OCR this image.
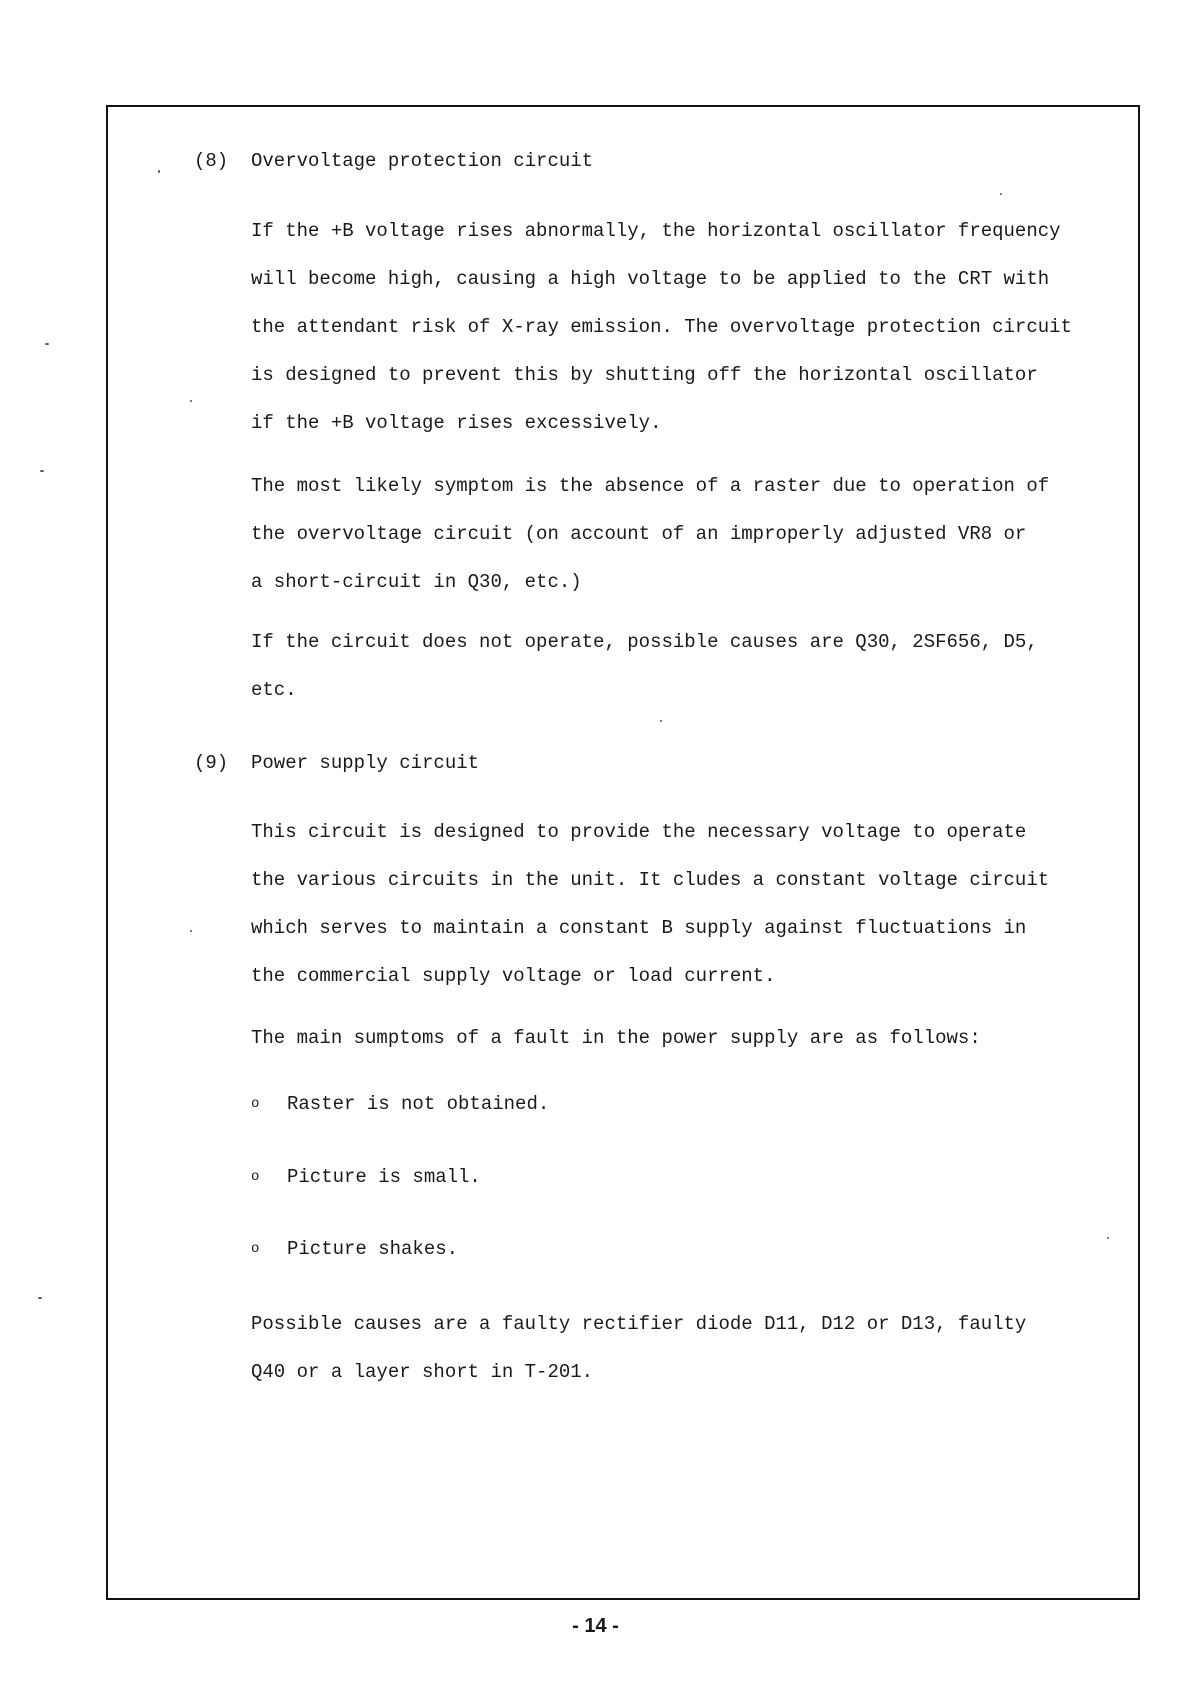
(8) Overvoltage protection circuit

If the +B voltage rises abnormally, the horizontal oscillator frequency
will become high, causing a high voltage to be applied to the CRT with
the attendant risk of X-ray emission. The overvoltage protection circuit
is designed to prevent this by shutting off the horizontal oscillator
if the +B voltage rises excessively.

The most likely symptom is the absence of a raster due to operation of
the overvoltage circuit (on account of an improperly adjusted VR8 or
a short-circuit in Q30, etc.)

If the circuit does not operate, possible causes are Q30, 2SF656, D5,
etc.

(9) Power supply circuit

This circuit is designed to provide the necessary voltage to operate
the various circuits in the unit. It cludes a constant voltage circuit
which serves to maintain a constant B supply against fluctuations in
the commercial supply voltage or load current.

The main sumptoms of a fault in the power supply are as follows:

o Raster is not obtained.
o Picture is small.
o Picture shakes.

Possible causes are a faulty rectifier diode D11, D12 or D13, faulty
Q40 or a layer short in T-201.

- 14 -
